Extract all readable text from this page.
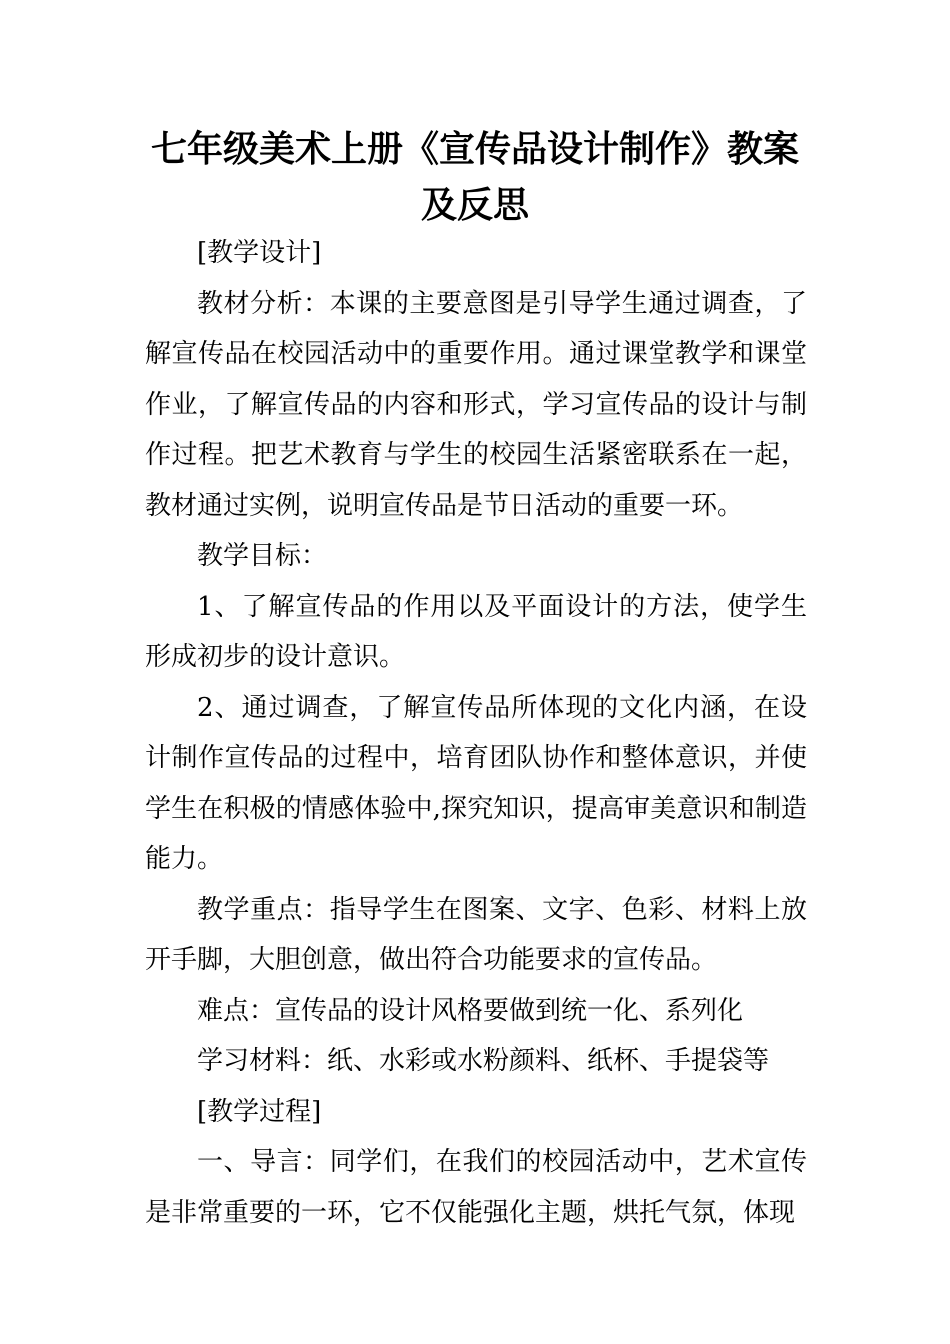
七年级美术上册《宣传品设计制作》教案
及反思

[教学设计]

教材分析：本课的主要意图是引导学生通过调查，了解宣传品在校园活动中的重要作用。通过课堂教学和课堂作业，了解宣传品的内容和形式，学习宣传品的设计与制作过程。把艺术教育与学生的校园生活紧密联系在一起，教材通过实例，说明宣传品是节日活动的重要一环。

教学目标：

1、了解宣传品的作用以及平面设计的方法，使学生形成初步的设计意识。

2、通过调查，了解宣传品所体现的文化内涵，在设计制作宣传品的过程中，培育团队协作和整体意识，并使学生在积极的情感体验中,探究知识，提高审美意识和制造能力。

教学重点：指导学生在图案、文字、色彩、材料上放开手脚，大胆创意，做出符合功能要求的宣传品。

难点：宣传品的设计风格要做到统一化、系列化

学习材料：纸、水彩或水粉颜料、纸杯、手提袋等

[教学过程]

一、导言：同学们，在我们的校园活动中，艺术宣传是非常重要的一环，它不仅能强化主题，烘托气氛，体现
